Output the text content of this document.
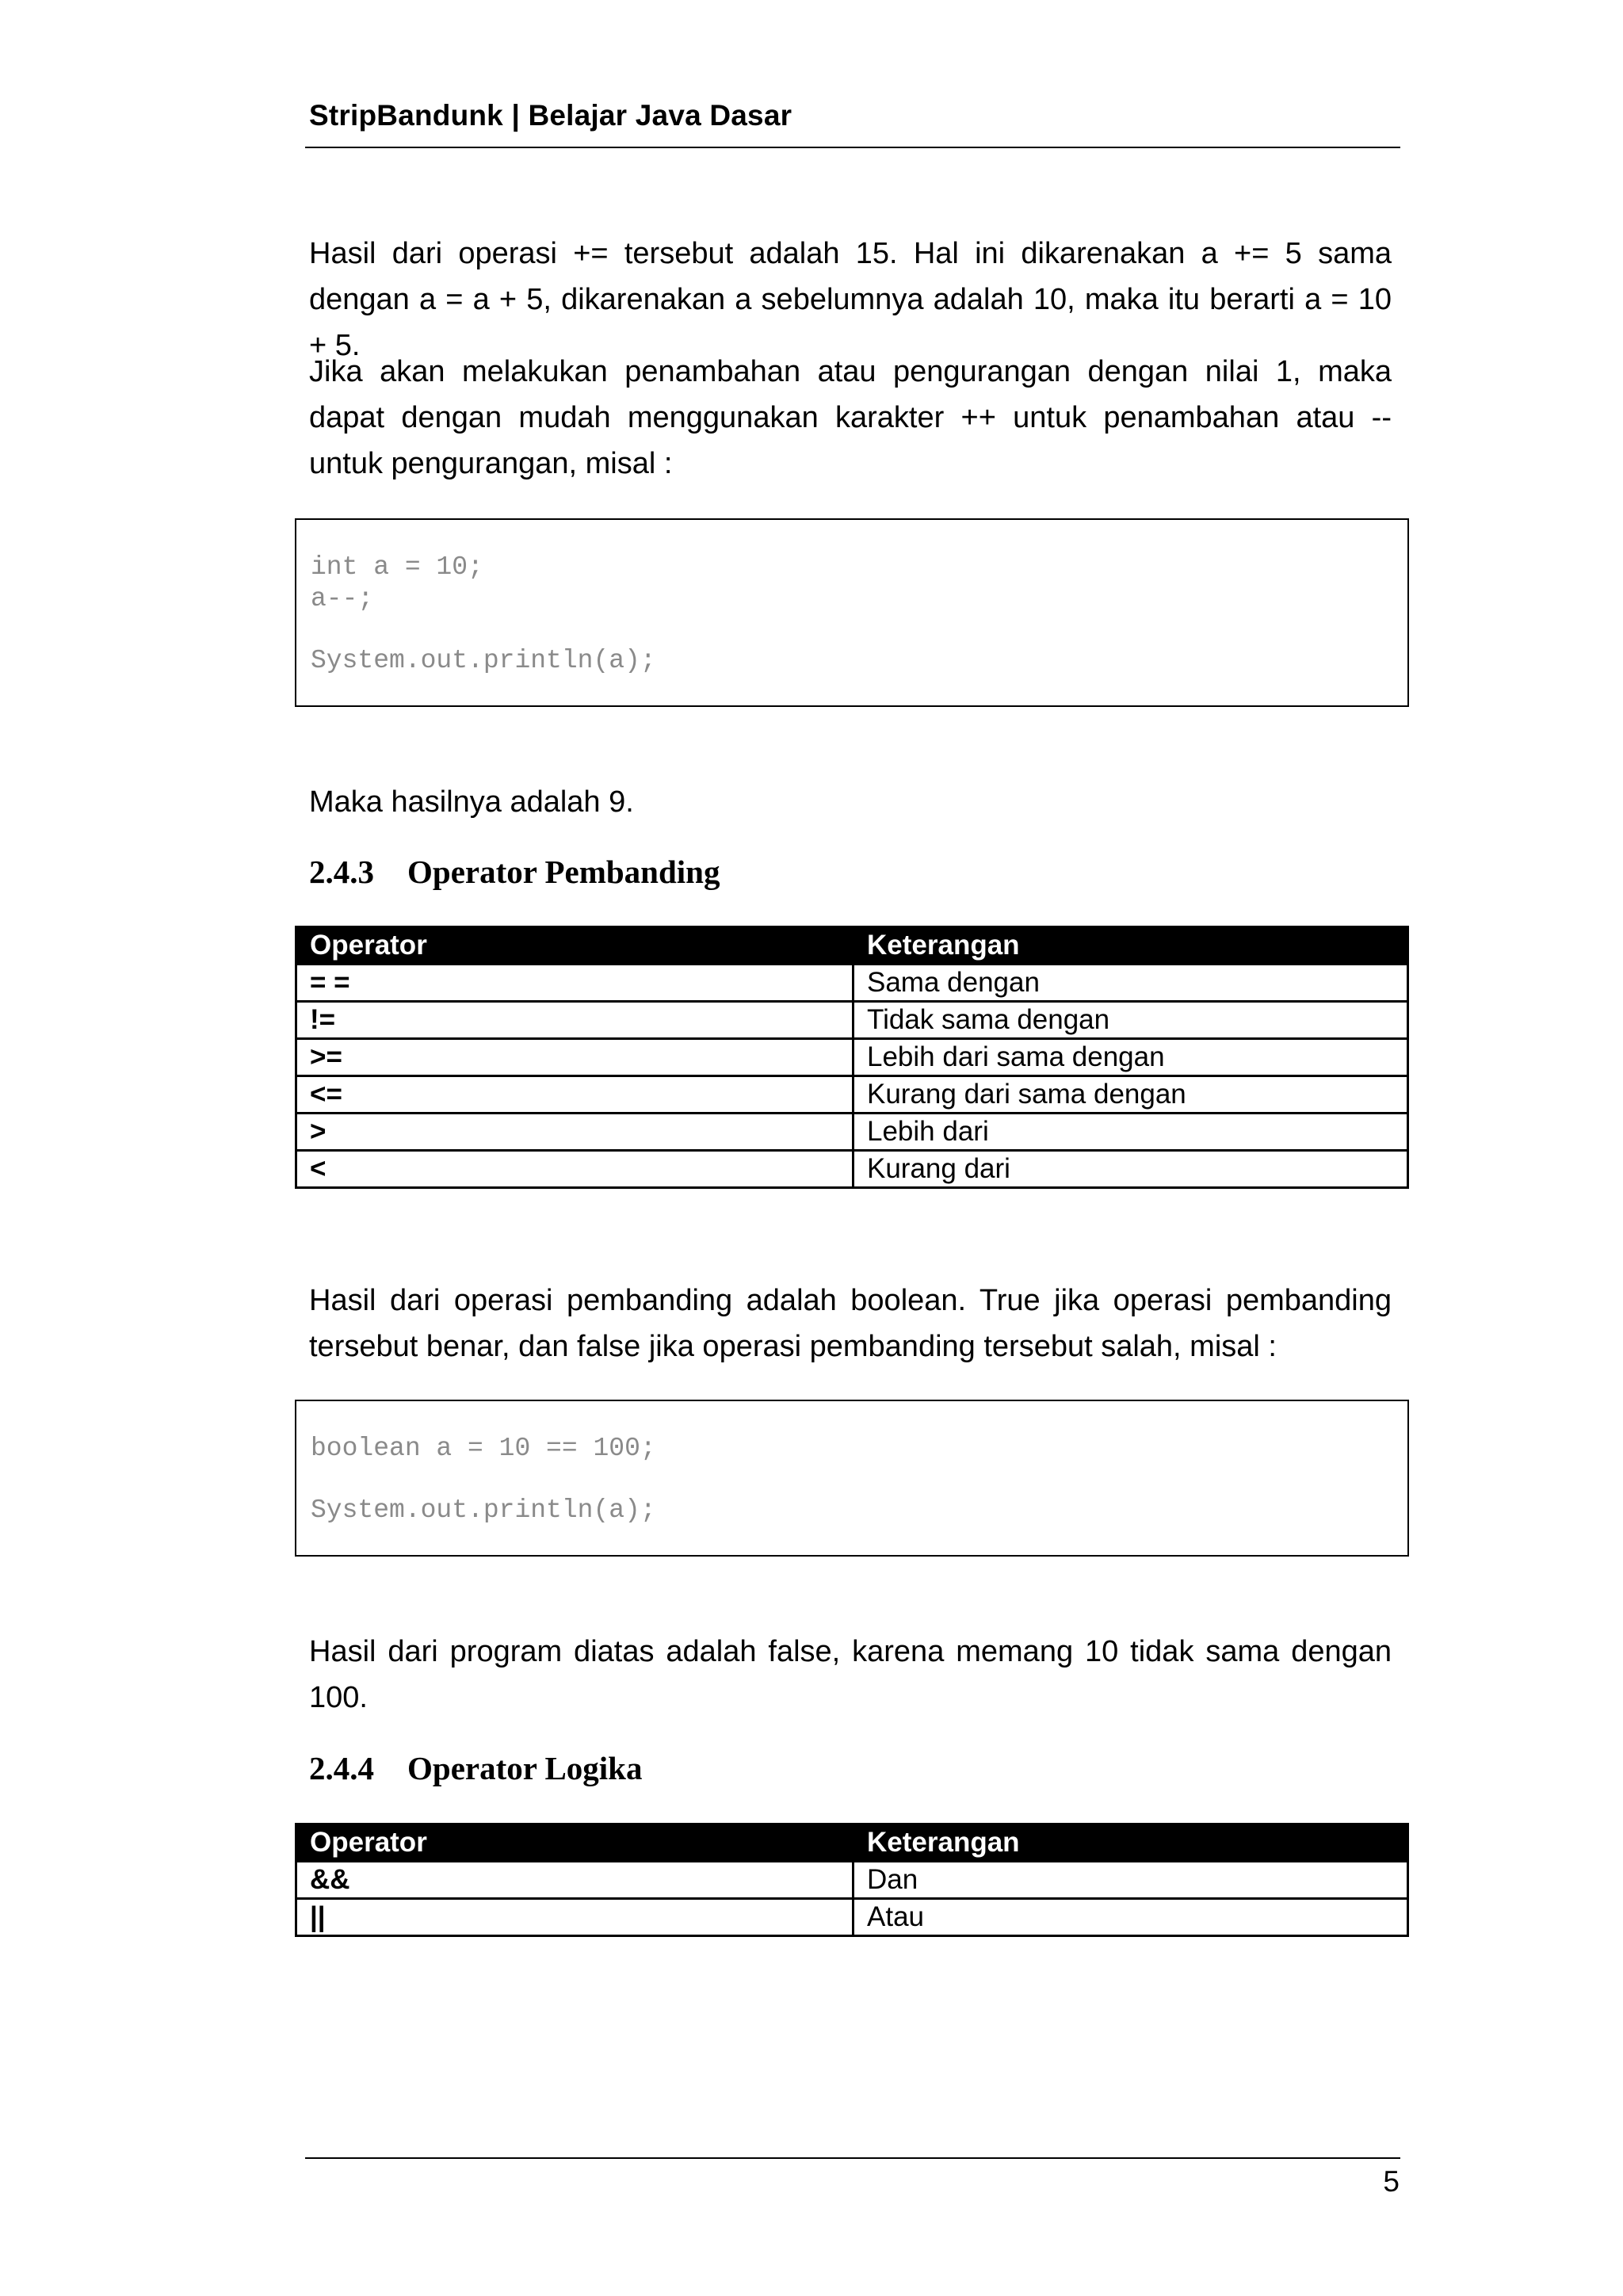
StripBandunk | Belajar Java Dasar

Hasil dari operasi += tersebut adalah 15. Hal ini dikarenakan a += 5 sama dengan a = a + 5, dikarenakan a sebelumnya adalah 10, maka itu berarti a = 10 + 5.

Jika akan melakukan penambahan atau pengurangan dengan nilai 1, maka dapat dengan mudah menggunakan karakter ++ untuk penambahan atau -- untuk pengurangan, misal :

int a = 10;
a--;
System.out.println(a);

Maka hasilnya adalah 9.

2.4.3 Operator Pembanding
Operator	Keterangan
= =	Sama dengan
!=	Tidak sama dengan
>=	Lebih dari sama dengan
<=	Kurang dari sama dengan
>	Lebih dari
<	Kurang dari

Hasil dari operasi pembanding adalah boolean. True jika operasi pembanding tersebut benar, dan false jika operasi pembanding tersebut salah, misal :

boolean a = 10 == 100;
System.out.println(a);

Hasil dari program diatas adalah false, karena memang 10 tidak sama dengan 100.

2.4.4 Operator Logika
Operator	Keterangan
&&	Dan
||	Atau
5
